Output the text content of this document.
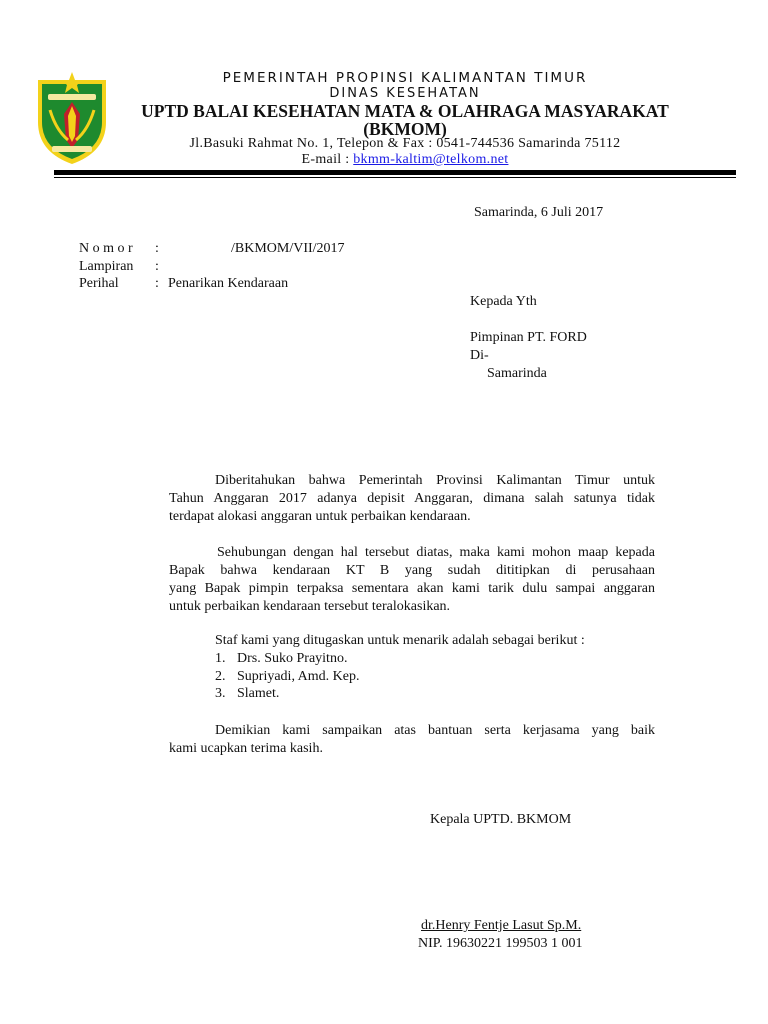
PEMERINTAH PROPINSI KALIMANTAN TIMUR
DINAS KESEHATAN
UPTD BALAI KESEHATAN MATA & OLAHRAGA MASYARAKAT
(BKMOM)
Jl.Basuki Rahmat No. 1, Telepon & Fax : 0541-744536 Samarinda 75112
E-mail : bkmm-kaltim@telkom.net
Samarinda, 6 Juli 2017
N o m o r :	/BKMOM/VII/2017
Lampiran :
Perihal	: Penarikan Kendaraan
Kepada Yth
Pimpinan PT. FORD
Di-
Samarinda
Diberitahukan bahwa Pemerintah Provinsi Kalimantan Timur untuk
Tahun Anggaran 2017 adanya depisit Anggaran, dimana salah satunya tidak
terdapat alokasi anggaran untuk perbaikan kendaraan.
Sehubungan dengan hal tersebut diatas, maka kami mohon maap kepada
Bapak bahwa kendaraan KT B yang sudah dititipkan di perusahaan
yang Bapak pimpin terpaksa sementara akan kami tarik dulu sampai anggaran
untuk perbaikan kendaraan tersebut teralokasikan.
Staf kami yang ditugaskan untuk menarik adalah sebagai berikut :
1. Drs. Suko Prayitno.
2. Supriyadi, Amd. Kep.
3. Slamet.
Demikian kami sampaikan atas bantuan serta kerjasama yang baik
kami ucapkan terima kasih.
Kepala UPTD. BKMOM
dr.Henry Fentje Lasut Sp.M.
NIP. 19630221 199503 1 001
